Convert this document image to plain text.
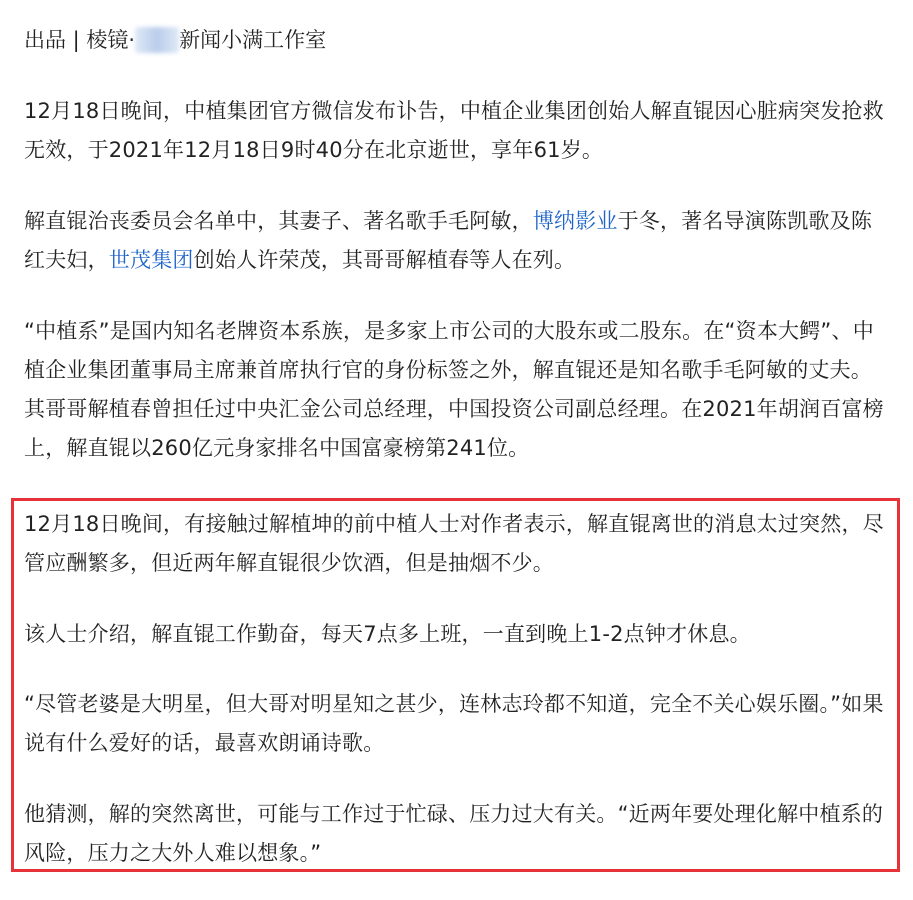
出品 | 棱镜· 新闻小满工作室

12月18日晚间，中植集团官方微信发布讣告，中植企业集团创始人解直锟因心脏病突发抢救无效，于2021年12月18日9时40分在北京逝世，享年61岁。

解直锟治丧委员会名单中，其妻子、著名歌手毛阿敏，博纳影业于冬，著名导演陈凯歌及陈红夫妇，世茂集团创始人许荣茂，其哥哥解植春等人在列。

“中植系”是国内知名老牌资本系族，是多家上市公司的大股东或二股东。在“资本大鳄”、中植企业集团董事局主席兼首席执行官的身份标签之外，解直锟还是知名歌手毛阿敏的丈夫。其哥哥解植春曾担任过中央汇金公司总经理，中国投资公司副总经理。在2021年胡润百富榜上，解直锟以260亿元身家排名中国富豪榜第241位。

12月18日晚间，有接触过解植坤的前中植人士对作者表示，解直锟离世的消息太过突然，尽管应酬繁多，但近两年解直锟很少饮酒，但是抽烟不少。

该人士介绍，解直锟工作勤奋，每天7点多上班，一直到晚上1-2点钟才休息。

“尽管老婆是大明星，但大哥对明星知之甚少，连林志玲都不知道，完全不关心娱乐圈。”如果说有什么爱好的话，最喜欢朗诵诗歌。

他猜测，解的突然离世，可能与工作过于忙碌、压力过大有关。“近两年要处理化解中植系的风险，压力之大外人难以想象。”
